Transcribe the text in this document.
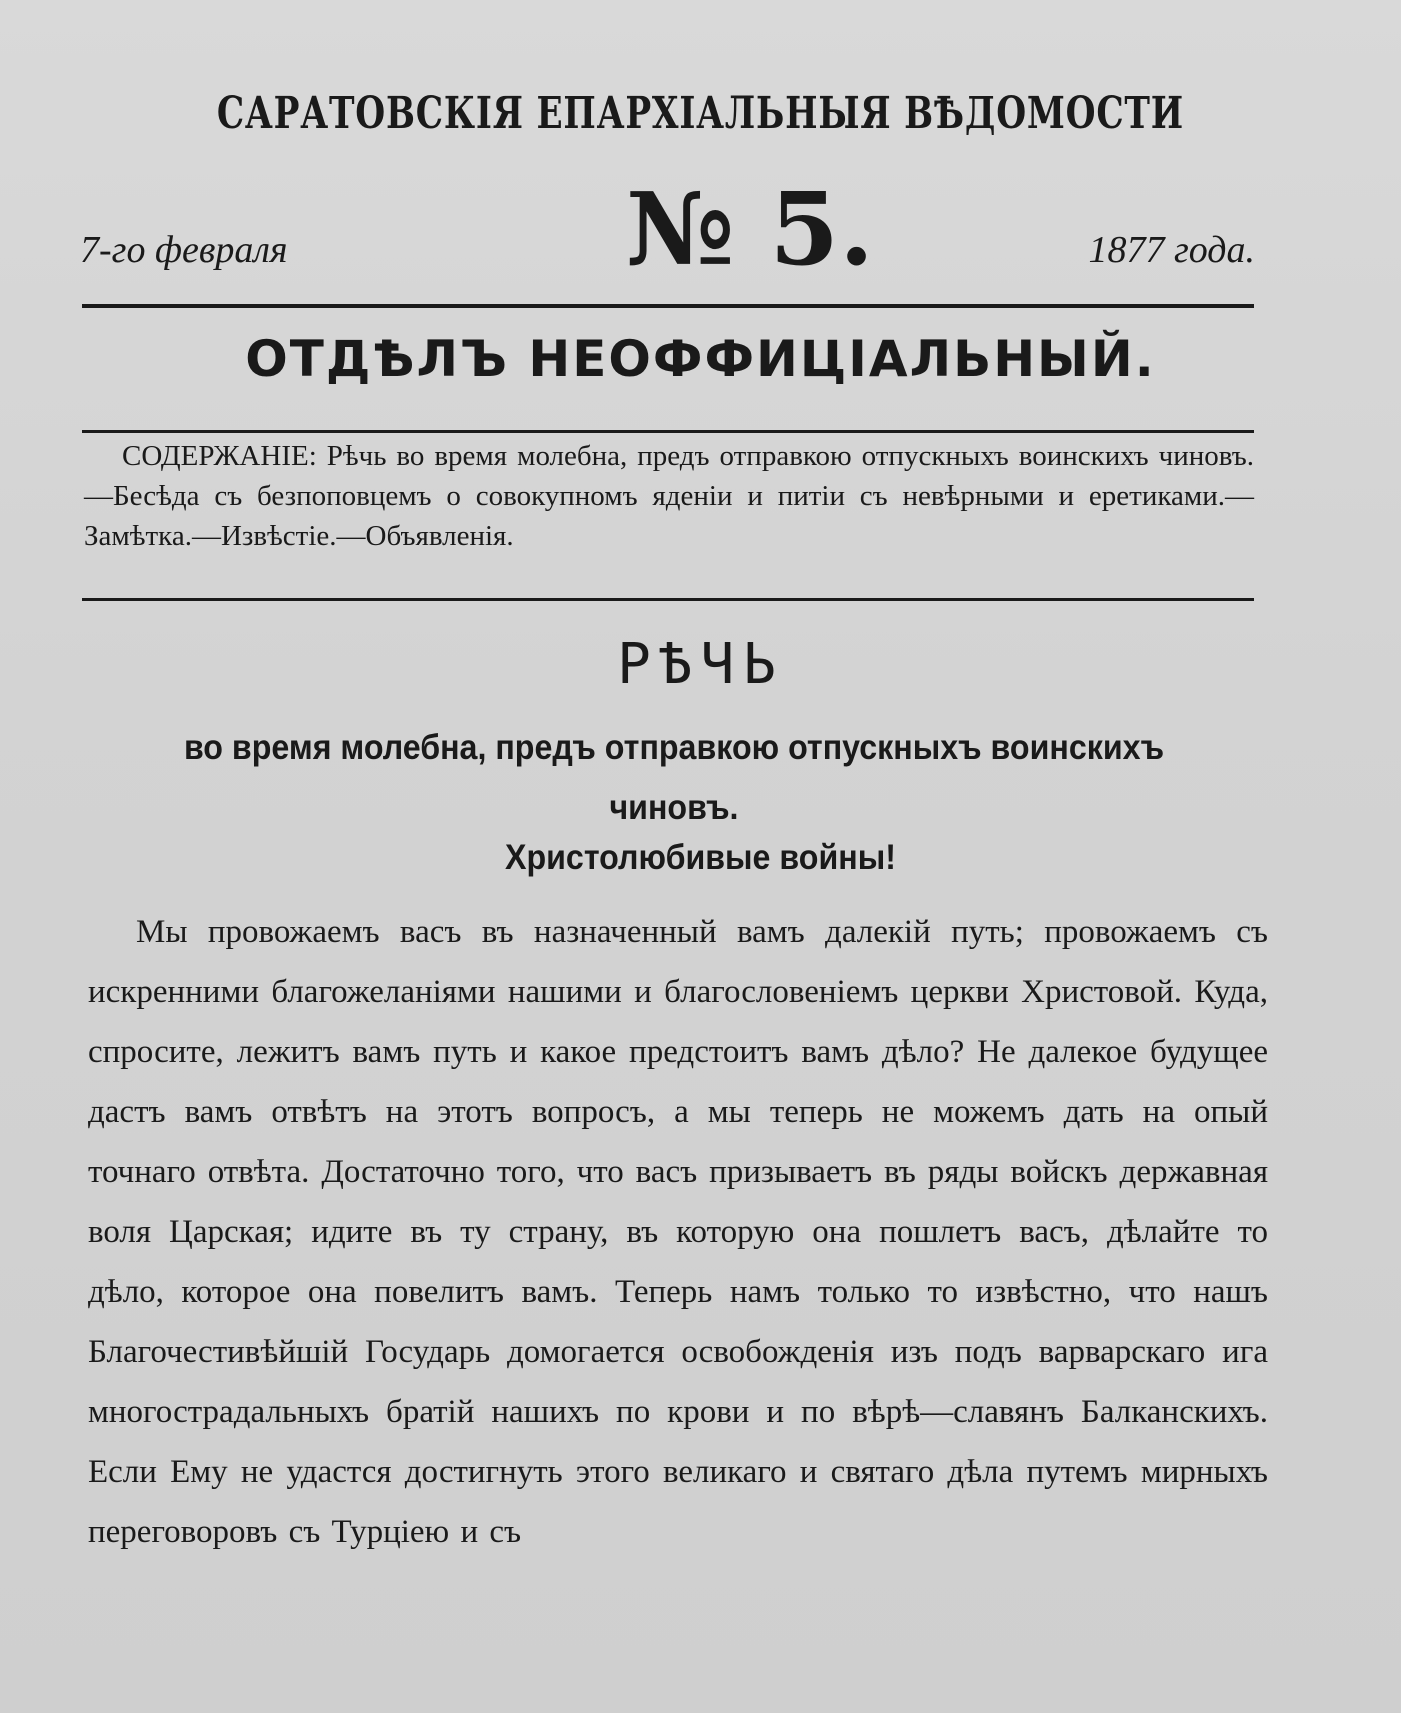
САРАТОВСКІЯ ЕПАРХІАЛЬНЫЯ ВѢДОМОСТИ
7-го февраля	№ 5.	1877 года.
ОТДѢЛЪ НЕОФФИЦІАЛЬНЫЙ.
СОДЕРЖАНІЕ: Рѣчь во время молебна, предъ отправкою отпускныхъ воинскихъ чиновъ.—Бесѣда съ безпоповцемъ о совокупномъ яденіи и питіи съ невѣрными и еретиками.—Замѣтка.—Извѣстіе.—Объявленія.
РѢЧЬ
во время молебна, предъ отправкою отпускныхъ воинскихъ чиновъ.
Христолюбивые войны!

Мы провожаемъ васъ въ назначенный вамъ далекій путь; провожаемъ съ искренними благожеланіями нашими и благословеніемъ церкви Христовой. Куда, спросите, лежитъ вамъ путь и какое предстоитъ вамъ дѣло? Не далекое будущее дастъ вамъ отвѣтъ на этотъ вопросъ, а мы теперь не можемъ дать на опый точнаго отвѣта. Достаточно того, что васъ призываетъ въ ряды войскъ державная воля Царская; идите въ ту страну, въ которую она пошлетъ васъ, дѣлайте то дѣло, которое она повелитъ вамъ. Теперь намъ только то извѣстно, что нашъ Благочестивѣйшій Государь домогается освобожденія изъ подъ варварскаго ига многострадальныхъ братій нашихъ по крови и по вѣрѣ—славянъ Балканскихъ. Если Ему не удастся достигнуть этого великаго и святаго дѣла путемъ мирныхъ переговоровъ съ Турціею и съ
